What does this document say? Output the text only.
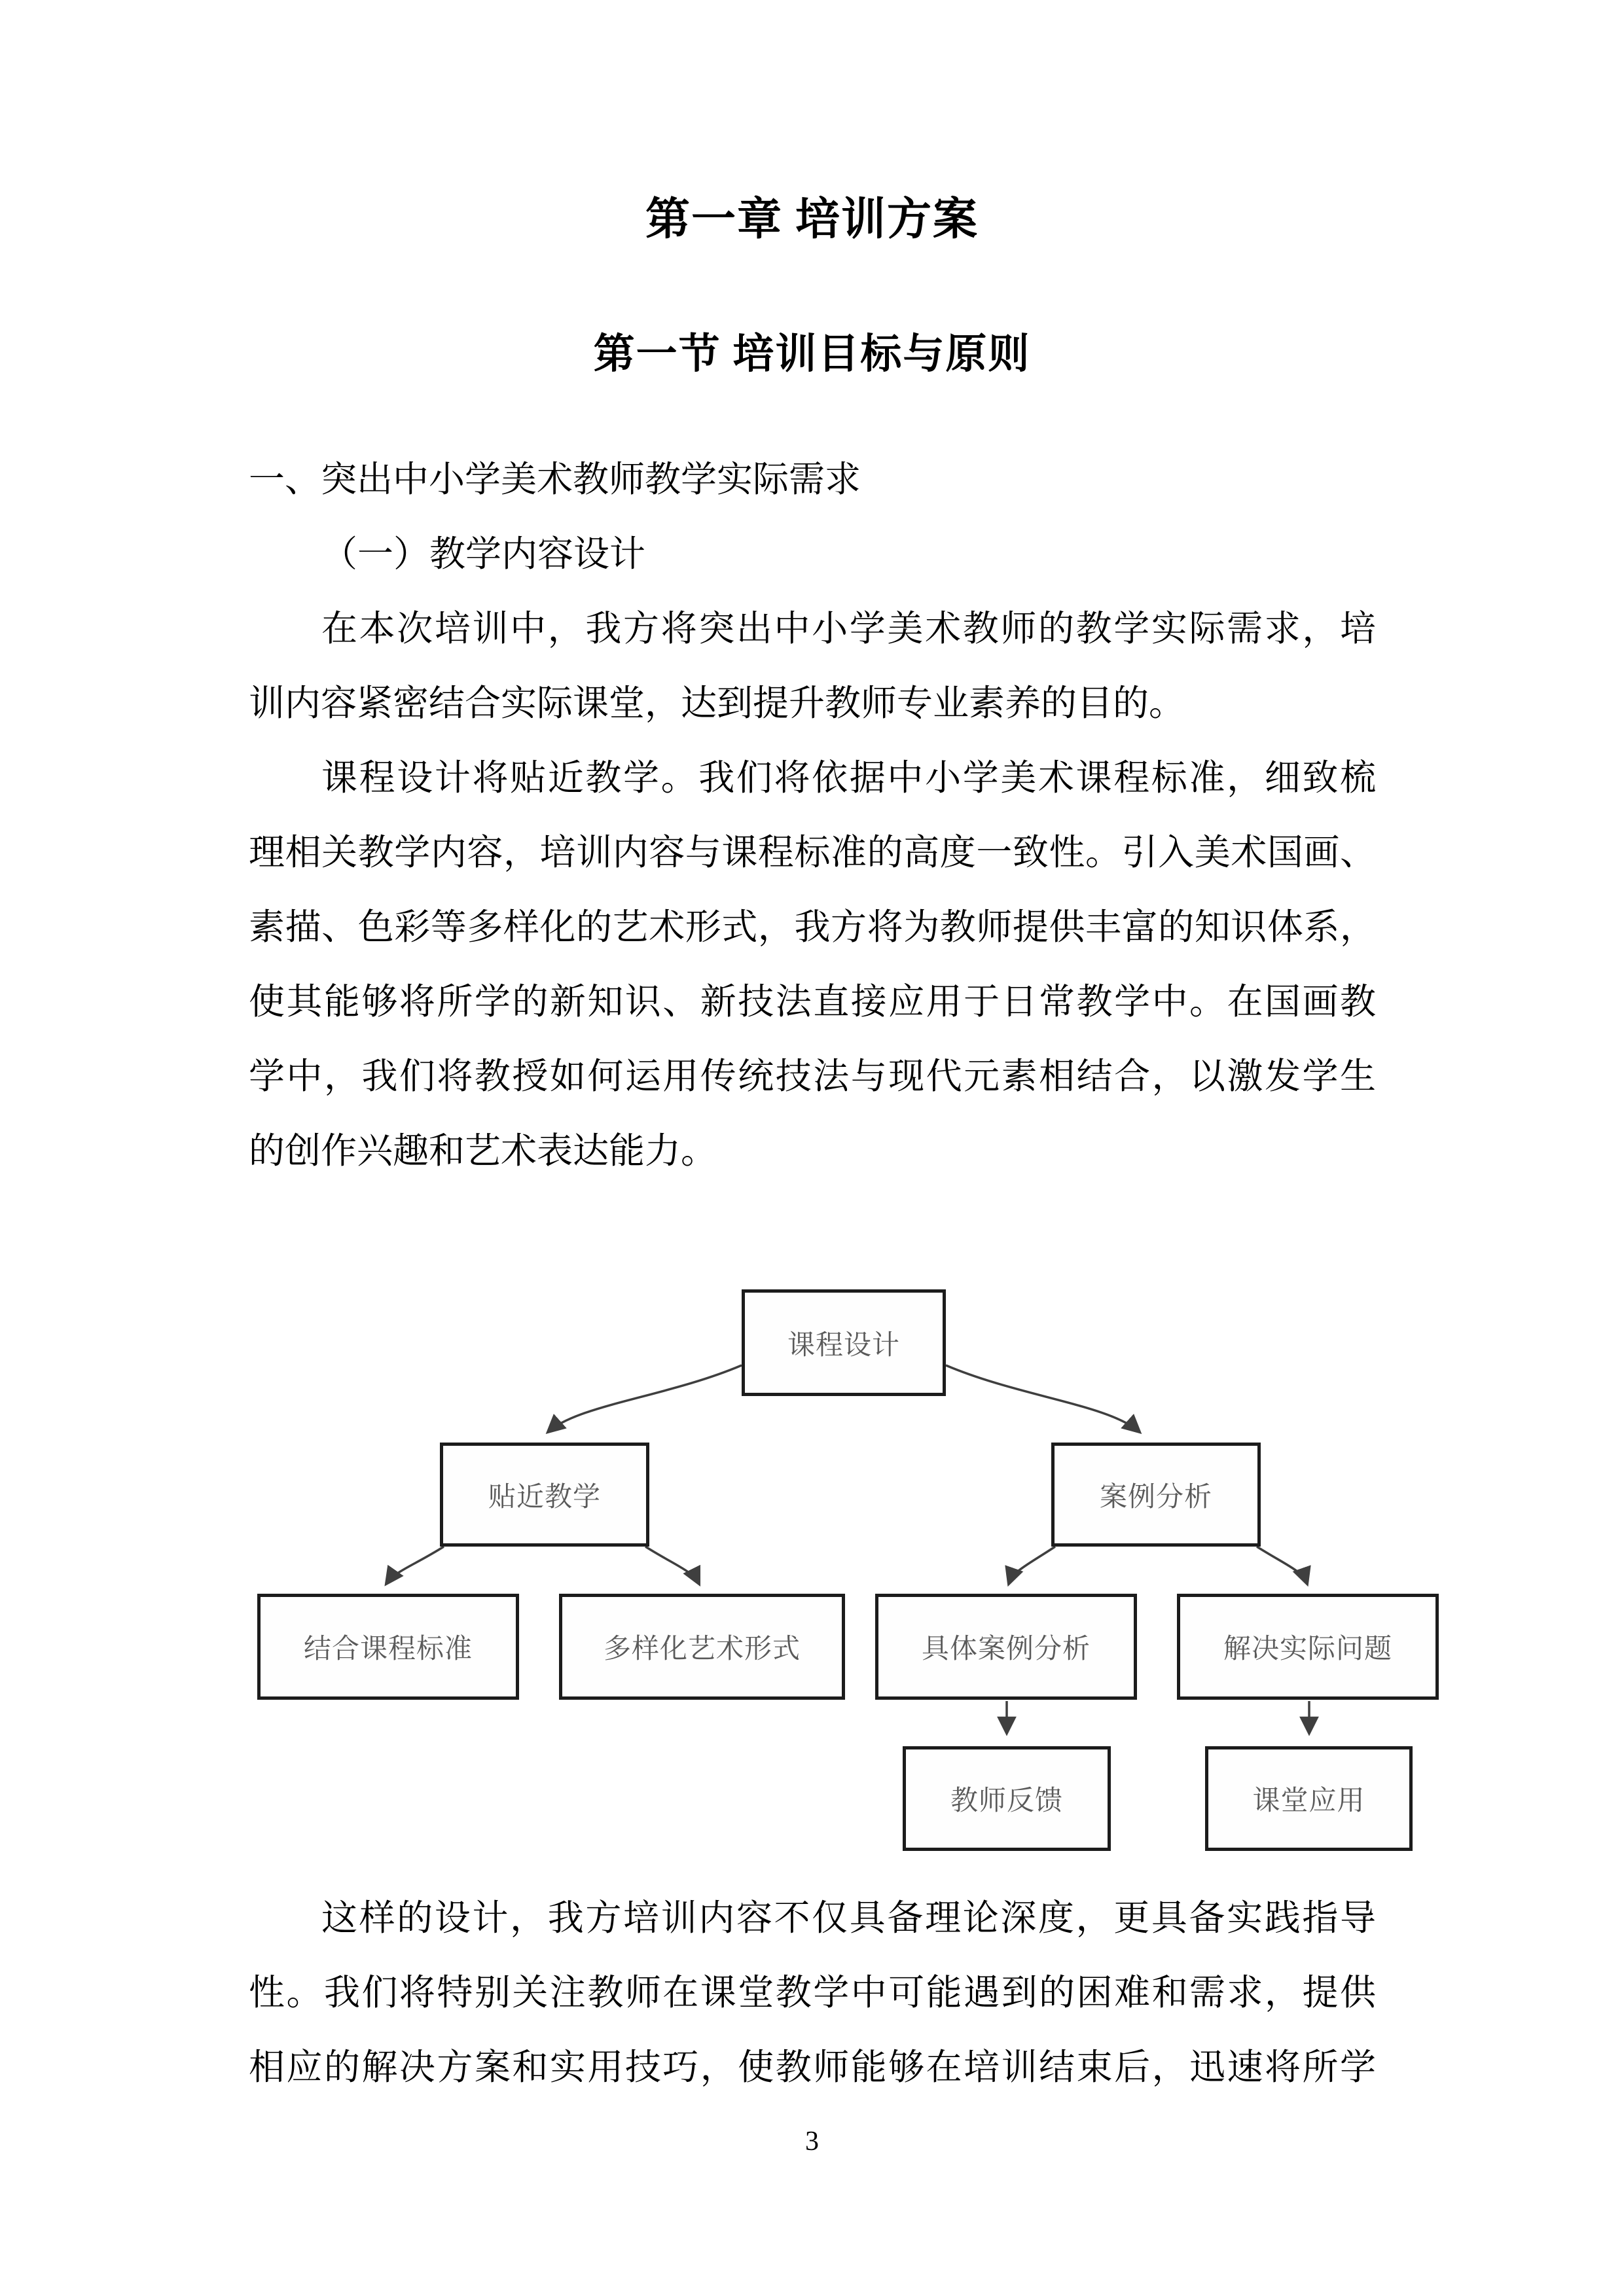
第一章 培训方案
第一节 培训目标与原则
一、突出中小学美术教师教学实际需求
（一）教学内容设计
在本次培训中，我方将突出中小学美术教师的教学实际需求，培
训内容紧密结合实际课堂，达到提升教师专业素养的目的。
课程设计将贴近教学。我们将依据中小学美术课程标准，细致梳
理相关教学内容，培训内容与课程标准的高度一致性。引入美术国画、
素描、色彩等多样化的艺术形式，我方将为教师提供丰富的知识体系，
使其能够将所学的新知识、新技法直接应用于日常教学中。在国画教
学中，我们将教授如何运用传统技法与现代元素相结合，以激发学生
的创作兴趣和艺术表达能力。
课程设计
贴近教学	案例分析
结合课程标准	多样化艺术形式	具体案例分析	解决实际问题
教师反馈	课堂应用
这样的设计，我方培训内容不仅具备理论深度，更具备实践指导
性。我们将特别关注教师在课堂教学中可能遇到的困难和需求，提供
相应的解决方案和实用技巧，使教师能够在培训结束后，迅速将所学
3
